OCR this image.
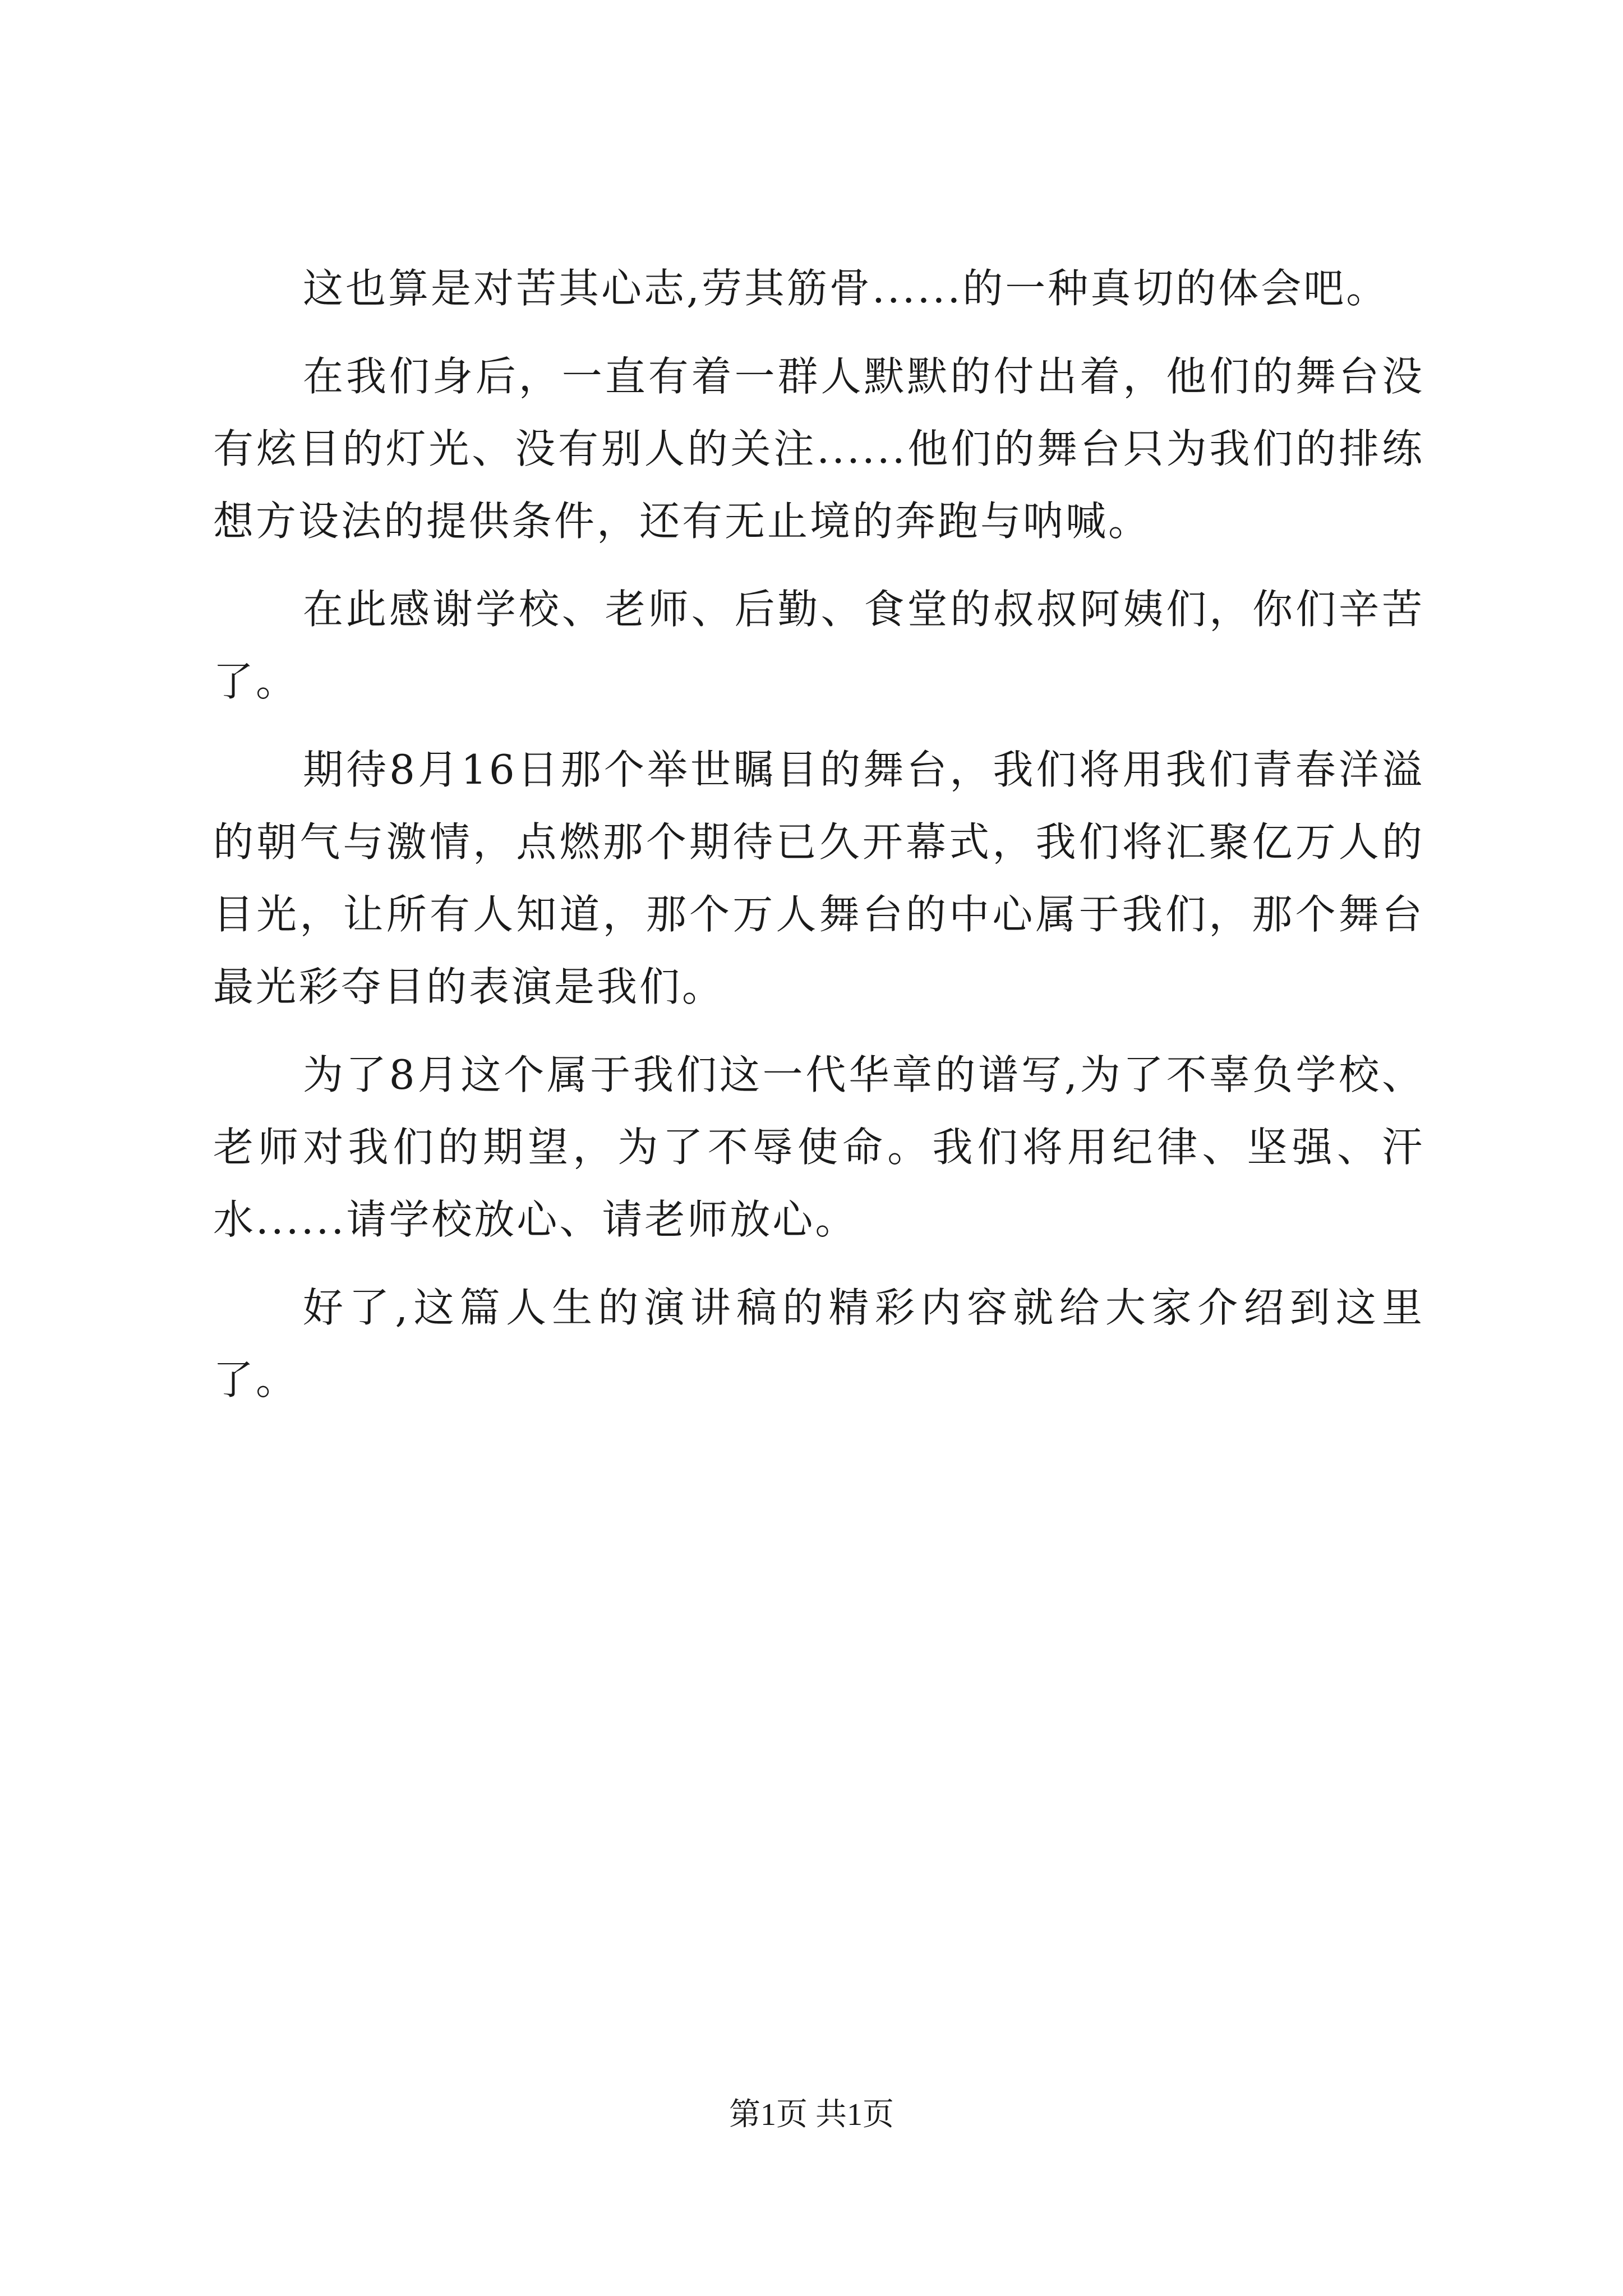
这也算是对苦其心志,劳其筋骨......的一种真切的体会吧。

在我们身后，一直有着一群人默默的付出着，他们的舞台没有炫目的灯光、没有别人的关注......他们的舞台只为我们的排练想方设法的提供条件，还有无止境的奔跑与呐喊。

在此感谢学校、老师、后勤、食堂的叔叔阿姨们，你们辛苦了。

期待8月16日那个举世瞩目的舞台，我们将用我们青春洋溢的朝气与激情，点燃那个期待已久开幕式，我们将汇聚亿万人的目光，让所有人知道，那个万人舞台的中心属于我们，那个舞台最光彩夺目的表演是我们。

为了8月这个属于我们这一代华章的谱写,为了不辜负学校、老师对我们的期望，为了不辱使命。我们将用纪律、坚强、汗水......请学校放心、请老师放心。

好了,这篇人生的演讲稿的精彩内容就给大家介绍到这里了。

第1页 共1页
